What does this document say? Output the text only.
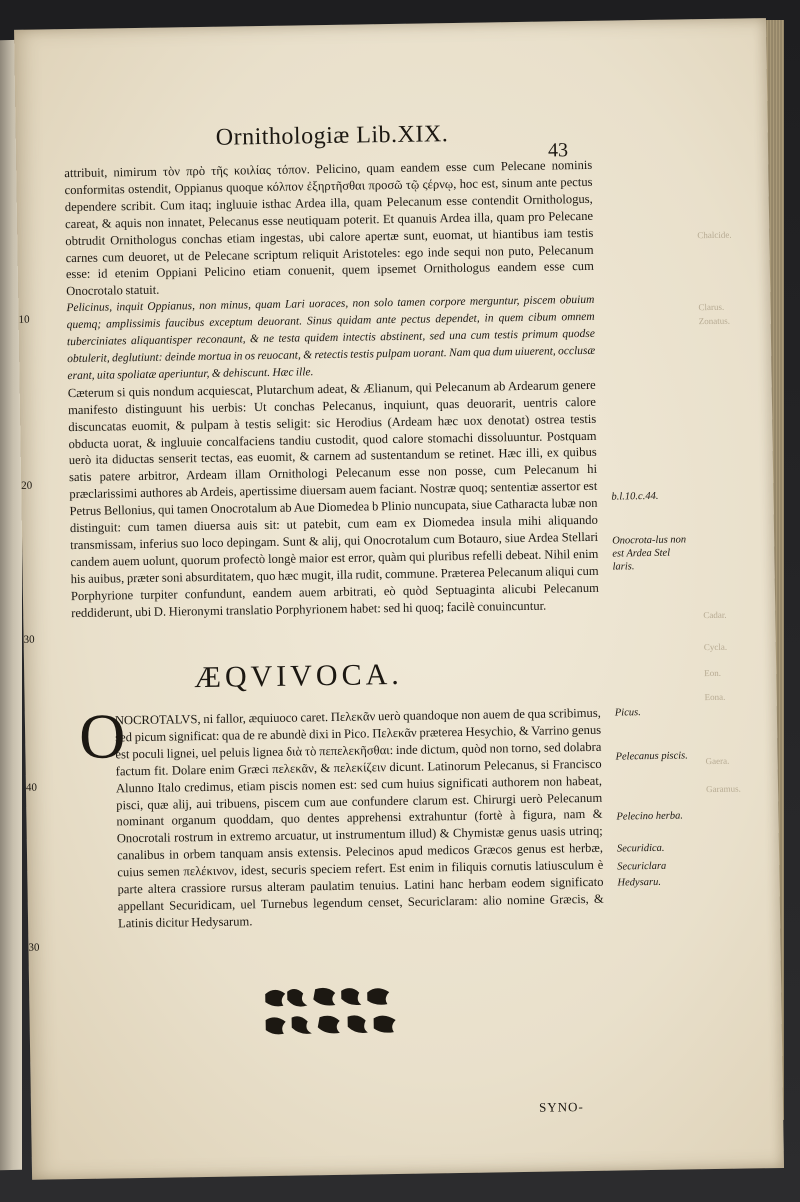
Ornithologiæ Lib.XIX.	43
10
20
30
40
30

attribuit, nimirum τὸν πρὸ τῆς κοιλίας τόπον. Pelicino, quam eandem esse cum Pelecane nominis conformitas ostendit, Oppianus quoque κόλπον ἐξηρτῆσθαι προσῶ τῷ ςέρνῳ, hoc est, sinum ante pectus dependere scribit. Cum itaq; ingluuie isthac Ardea illa, quam Pelecanum esse contendit Ornithologus, careat, & aquis non innatet, Pelecanus esse neutiquam poterit. Et quanuis Ardea illa, quam pro Pelecane obtrudit Ornithologus conchas etiam ingestas, ubi calore apertæ sunt, euomat, ut hiantibus iam testis carnes cum deuoret, ut de Pelecane scriptum reliquit Aristoteles: ego inde sequi non puto, Pelecanum esse: id etenim Oppiani Pelicino etiam conuenit, quem ipsemet Ornithologus eandem esse cum Onocrotalo statuit.

Pelicinus, inquit Oppianus, non minus, quam Lari uoraces, non solo tamen corpore merguntur, piscem obuium quemq; amplissimis faucibus exceptum deuorant. Sinus quidam ante pectus dependet, in quem cibum omnem tuberciniates aliquantisper reconaunt, & ne testa quidem intectis abstinent, sed una cum testis primum quodse obtulerit, deglutiunt: deinde mortua in os reuocant, & retectis testis pulpam uorant. Nam qua dum uiuerent, occlusæ erant, uita spoliatæ aperiuntur, & dehiscunt. Hæc ille.

Cæterum si quis nondum acquiescat, Plutarchum adeat, & Ælianum, qui Pelecanum ab Ardearum genere manifesto distinguunt his uerbis: Ut conchas Pelecanus, inquiunt, quas deuorarit, uentris calore discuncatas euomit, & pulpam à testis seligit: sic Herodius (Ardeam hæc uox denotat) ostrea testis obducta uorat, & ingluuie concalfaciens tandiu custodit, quod calore stomachi dissoluuntur. Postquam uerò ita diductas senserit tectas, eas euomit, & carnem ad sustentandum se retinet. Hæc illi, ex quibus satis patere arbitror, Ardeam illam Ornithologi Pelecanum esse non posse, cum Pelecanum hi præclarissimi authores ab Ardeis, apertissime diuersam auem faciant. Nostræ quoq; sententiæ assertor est Petrus Bellonius, qui tamen Onocrotalum ab Aue Diomedea b Plinio nuncupata, siue Catharacta lubæ non distinguit: cum tamen diuersa auis sit: ut patebit, cum eam ex Diomedea insula mihi aliquando transmissam, inferius suo loco depingam. Sunt & alij, qui Onocrotalum cum Botauro, siue Ardea Stellari candem auem uolunt, quorum profectò longè maior est error, quàm qui pluribus refelli debeat. Nihil enim his auibus, præter soni absurditatem, quo hæc mugit, illa rudit, commune. Præterea Pelecanum aliqui cum Porphyrione turpiter confundunt, eandem auem arbitrati, eò quòd Septuaginta alicubi Pelecanum reddiderunt, ubi D. Hieronymi translatio Porphyrionem habet: sed hi quoq; facilè conuincuntur.

b.l.10.c.44.
Onocrota-lus non est Ardea Stel laris.
Picus.
Pelecanus piscis.
Pelecino herba.
Securidica.
Securiclara
Hedysaru.
Chalcide.
Clarus.
Zonatus.
Cadar.
Cycla.
Eon.
Eona.
Gaera.
Garamus.
ÆQVIVOCA.
O
NOCROTALVS, ni fallor, æquiuoco caret. Πελεκᾶν uerò quandoque non auem de qua scribimus, sed picum significat: qua de re abundè dixi in Pico. Πελεκᾶν præterea Hesychio, & Varrino genus est poculi lignei, uel peluis lignea διὰ τὸ πεπελεκῆσθαι: inde dictum, quòd non torno, sed dolabra factum fit. Dolare enim Græci πελεκᾶν, & πελεκίζειν dicunt. Latinorum Pelecanus, si Francisco Alunno Italo credimus, etiam piscis nomen est: sed cum huius significati authorem non habeat, pisci, quæ alij, aui tribuens, piscem cum aue confundere clarum est. Chirurgi uerò Pelecanum nominant organum quoddam, quo dentes apprehensi extrahuntur (fortè à figura, nam & Onocrotali rostrum in extremo arcuatur, ut instrumentum illud) & Chymistæ genus uasis utrinq; canalibus in orbem tanquam ansis extensis. Pelecinos apud medicos Græcos genus est herbæ, cuius semen πελέκινον, idest, securis speciem refert. Est enim in filiquis cornutis latiusculum è parte altera crassiore rursus alteram paulatim tenuius. Latini hanc herbam eodem significato appellant Securidicam, uel Turnebus legendum censet, Securiclaram: alio nomine Græcis, & Latinis dicitur Hedysarum.
SYNO-
